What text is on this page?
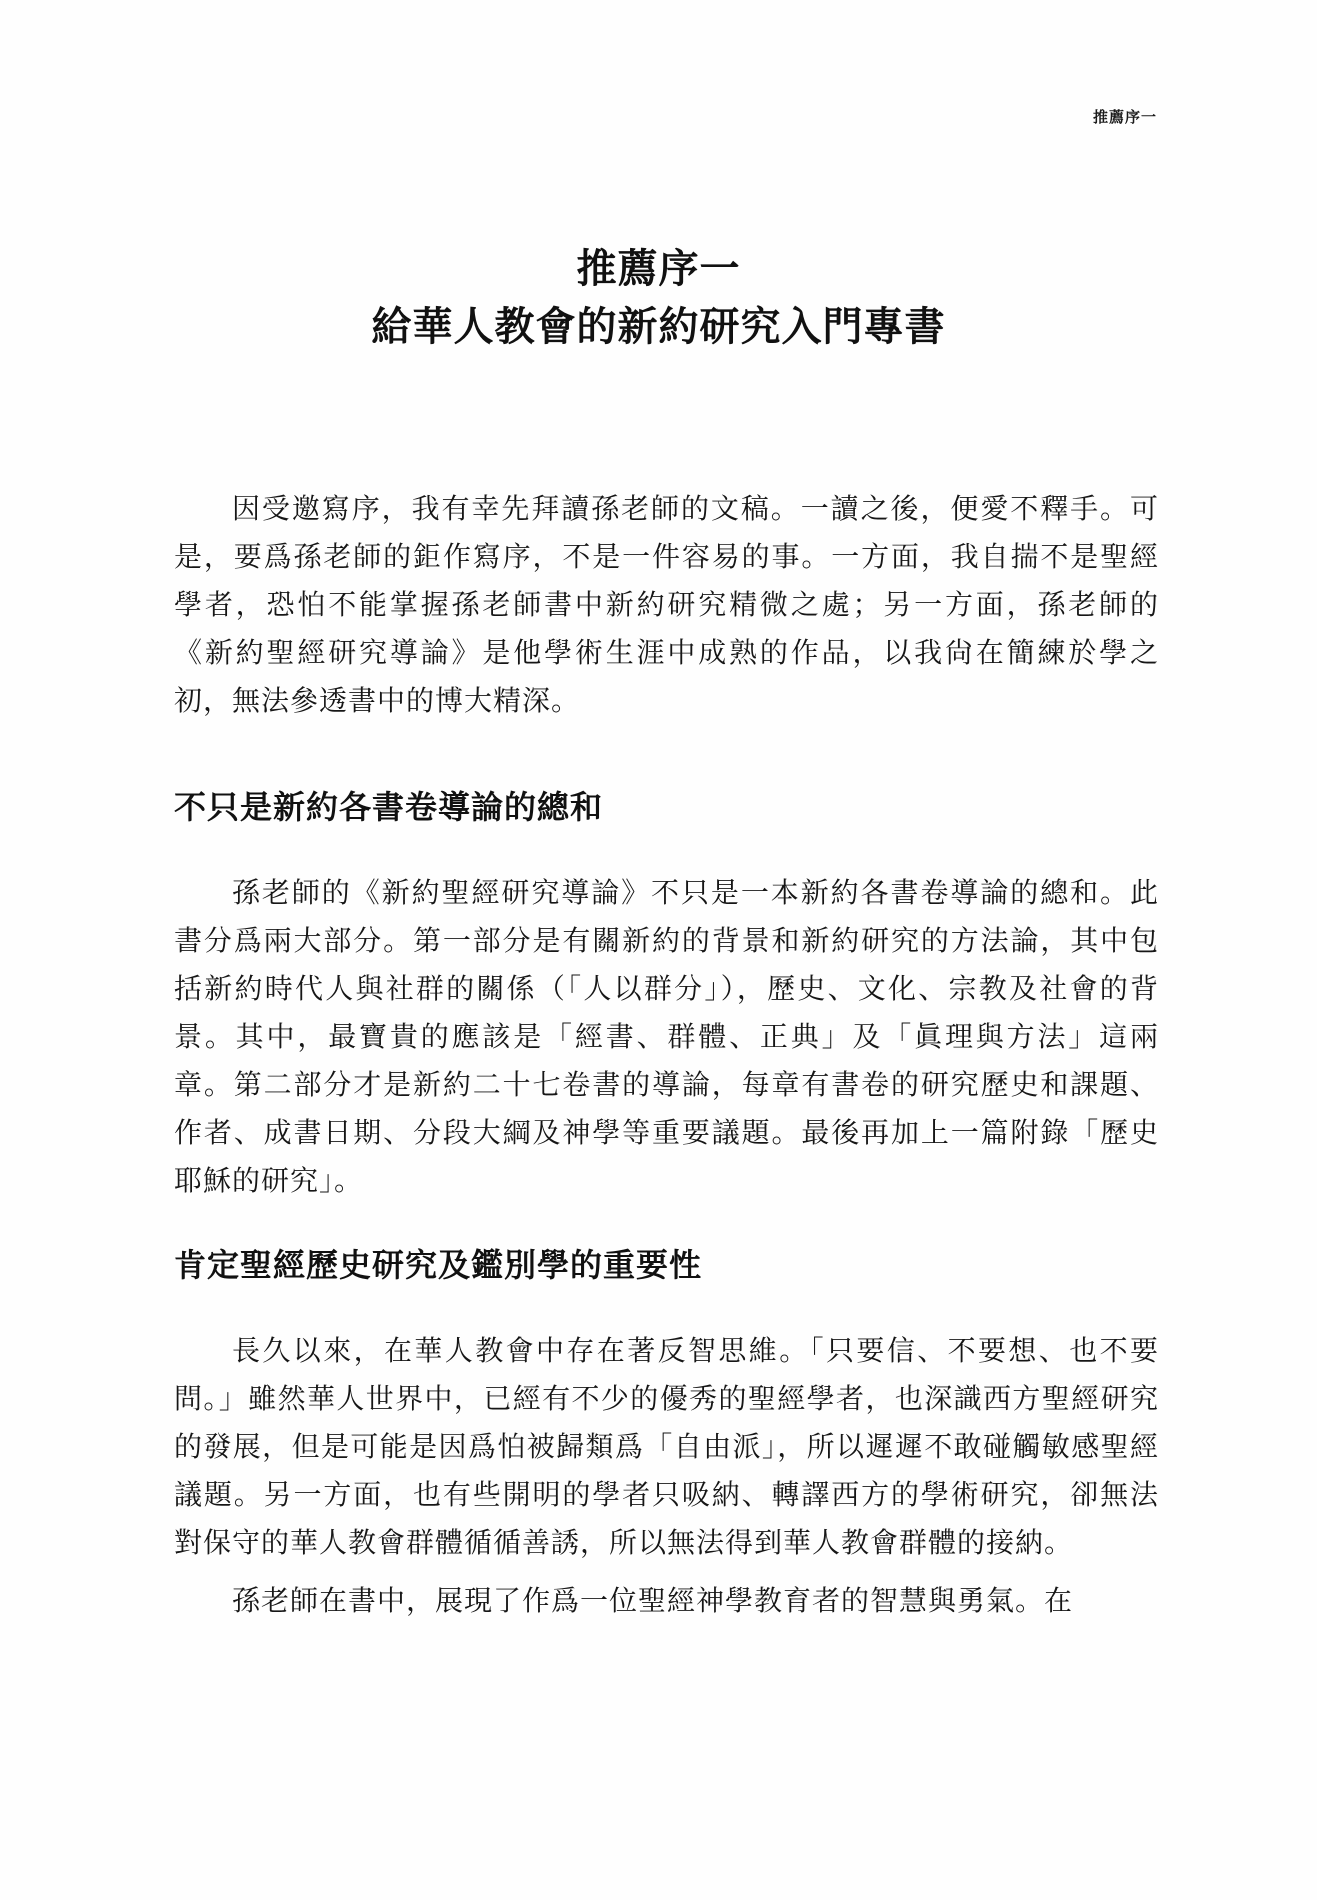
推薦序一
推薦序一
給華人教會的新約研究入門專書

因受邀寫序，我有幸先拜讀孫老師的文稿。一讀之後，便愛不釋手。可是，要爲孫老師的鉅作寫序，不是一件容易的事。一方面，我自揣不是聖經學者，恐怕不能掌握孫老師書中新約研究精微之處；另一方面，孫老師的《新約聖經研究導論》是他學術生涯中成熟的作品，以我尙在簡練於學之初，無法參透書中的博大精深。

不只是新約各書卷導論的總和

孫老師的《新約聖經研究導論》不只是一本新約各書卷導論的總和。此書分爲兩大部分。第一部分是有關新約的背景和新約研究的方法論，其中包括新約時代人與社群的關係（「人以群分」），歷史、文化、宗教及社會的背景。其中，最寶貴的應該是「經書、群體、正典」及「眞理與方法」這兩章。第二部分才是新約二十七卷書的導論，每章有書卷的研究歷史和課題、作者、成書日期、分段大綱及神學等重要議題。最後再加上一篇附錄「歷史耶穌的研究」。

肯定聖經歷史研究及鑑別學的重要性

長久以來，在華人教會中存在著反智思維。「只要信、不要想、也不要問。」雖然華人世界中，已經有不少的優秀的聖經學者，也深識西方聖經研究的發展，但是可能是因爲怕被歸類爲「自由派」，所以遲遲不敢碰觸敏感聖經議題。另一方面，也有些開明的學者只吸納、轉譯西方的學術研究，卻無法對保守的華人教會群體循循善誘，所以無法得到華人教會群體的接納。

孫老師在書中，展現了作爲一位聖經神學教育者的智慧與勇氣。在
